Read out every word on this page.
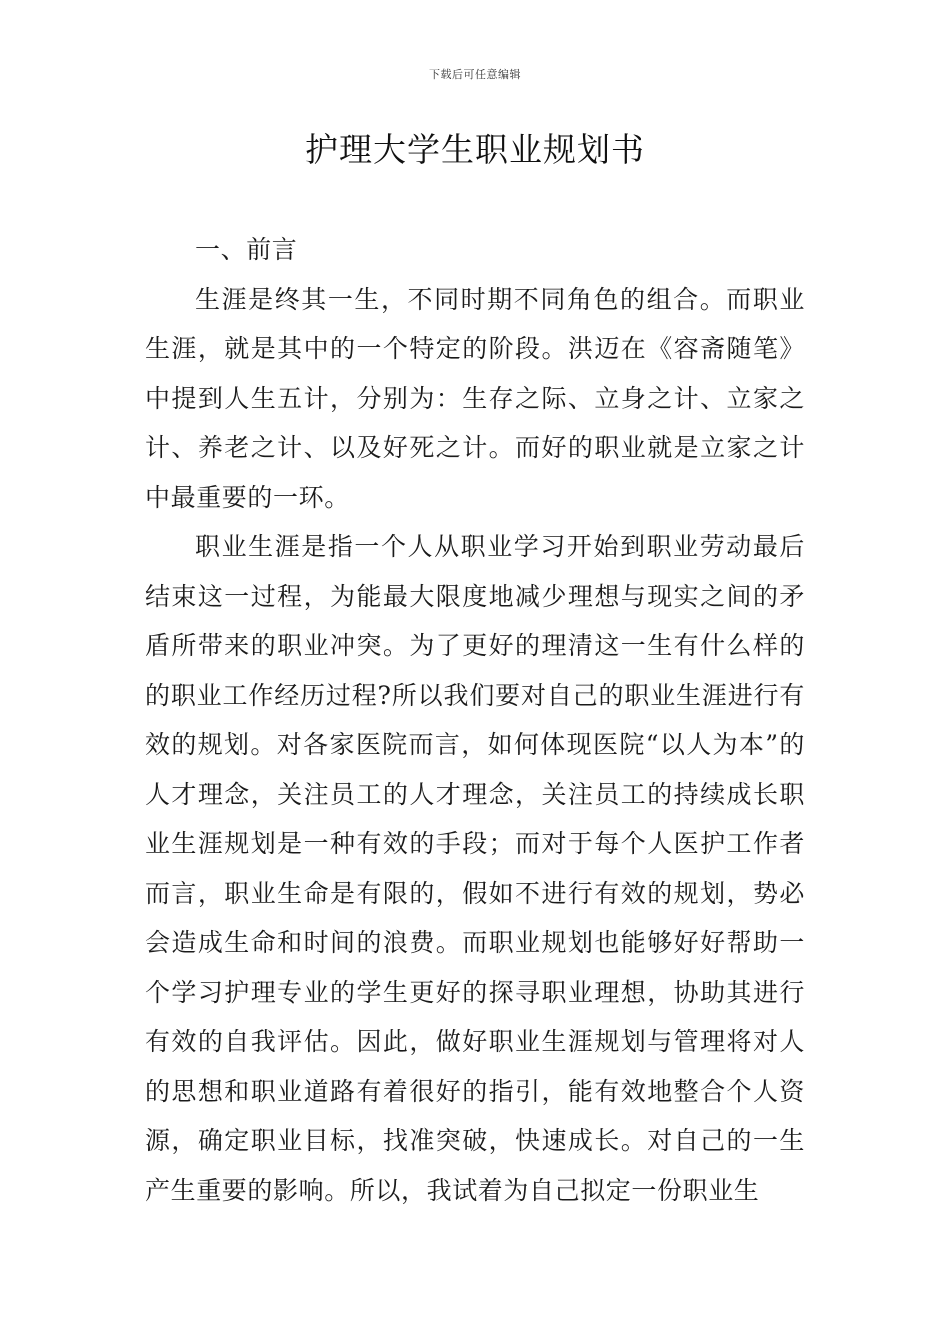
下载后可任意编辑
护理大学生职业规划书
一、前言

生涯是终其一生，不同时期不同角色的组合。而职业生涯，就是其中的一个特定的阶段。洪迈在《容斋随笔》中提到人生五计，分别为：生存之际、立身之计、立家之计、养老之计、以及好死之计。而好的职业就是立家之计中最重要的一环。

职业生涯是指一个人从职业学习开始到职业劳动最后结束这一过程，为能最大限度地减少理想与现实之间的矛盾所带来的职业冲突。为了更好的理清这一生有什么样的的职业工作经历过程?所以我们要对自己的职业生涯进行有效的规划。对各家医院而言，如何体现医院“以人为本”的人才理念，关注员工的人才理念，关注员工的持续成长职业生涯规划是一种有效的手段；而对于每个人医护工作者而言，职业生命是有限的，假如不进行有效的规划，势必会造成生命和时间的浪费。而职业规划也能够好好帮助一个学习护理专业的学生更好的探寻职业理想，协助其进行有效的自我评估。因此，做好职业生涯规划与管理将对人的思想和职业道路有着很好的指引，能有效地整合个人资源，确定职业目标，找准突破，快速成长。对自己的一生产生重要的影响。所以，我试着为自己拟定一份职业生
